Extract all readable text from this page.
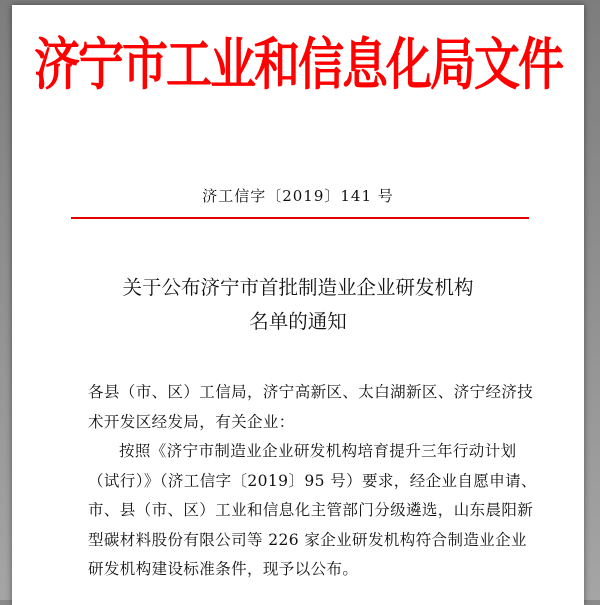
济宁市工业和信息化局文件
济工信字〔2019〕141 号
关于公布济宁市首批制造业企业研发机构
名单的通知

各县（市、区）工信局，济宁高新区、太白湖新区、济宁经济技
术开发区经发局，有关企业：

按照《济宁市制造业企业研发机构培育提升三年行动计划
（试行）》（济工信字〔2019〕95 号）要求，经企业自愿申请、
市、县（市、区）工业和信息化主管部门分级遴选，山东晨阳新
型碳材料股份有限公司等 226 家企业研发机构符合制造业企业
研发机构建设标准条件，现予以公布。
